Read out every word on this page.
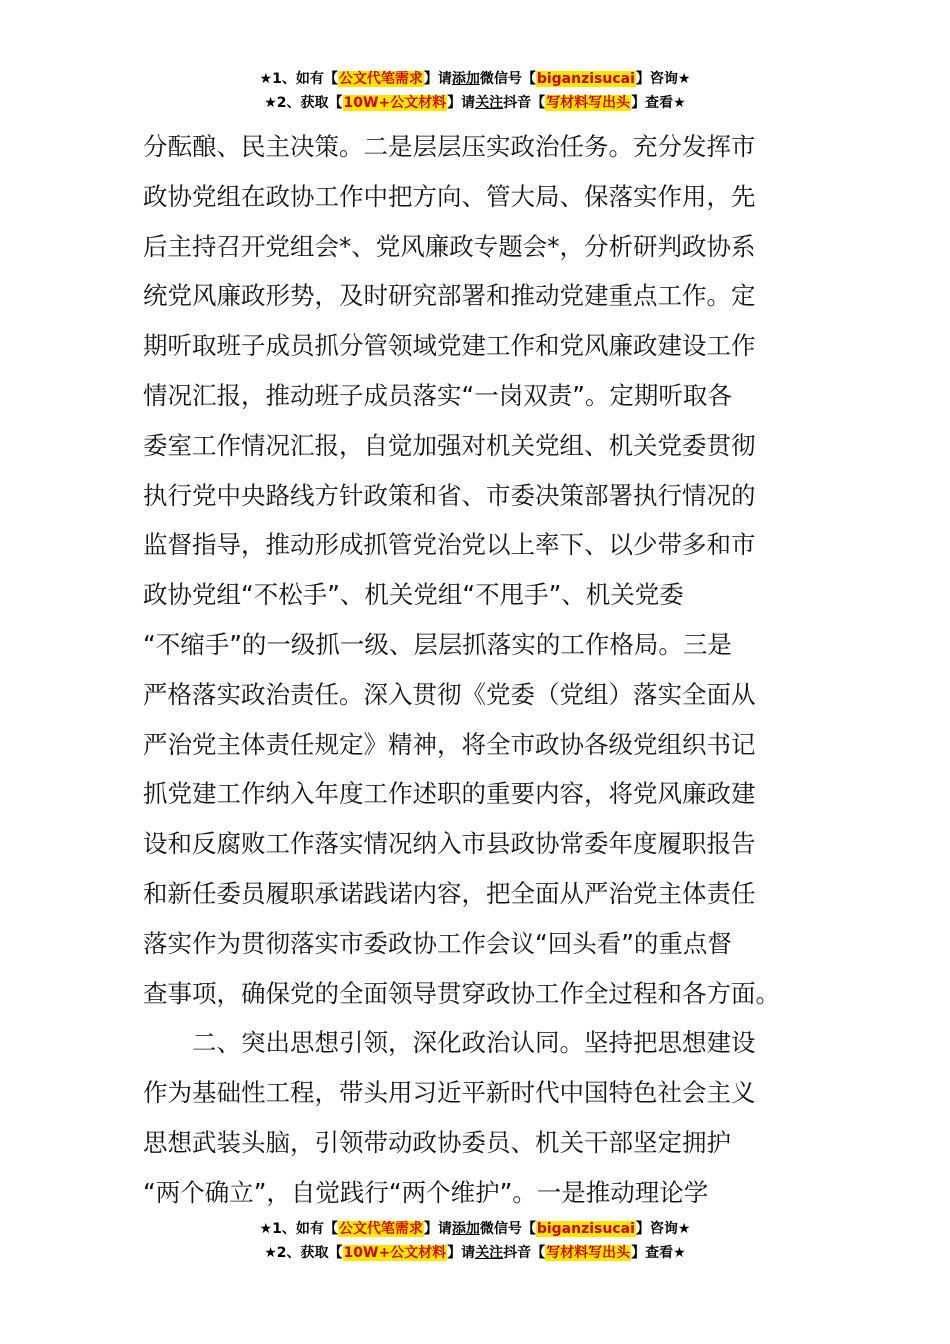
★1、如有【公文代笔需求】请添加微信号【biganzisucai】咨询★
★2、获取【10W+公文材料】请关注抖音【写材料写出头】查看★
分酝酿、民主决策。二是层层压实政治任务。充分发挥市
政协党组在政协工作中把方向、管大局、保落实作用，先
后主持召开党组会*、党风廉政专题会*，分析研判政协系
统党风廉政形势，及时研究部署和推动党建重点工作。定
期听取班子成员抓分管领域党建工作和党风廉政建设工作
情况汇报，推动班子成员落实“一岗双责”。定期听取各
委室工作情况汇报，自觉加强对机关党组、机关党委贯彻
执行党中央路线方针政策和省、市委决策部署执行情况的
监督指导，推动形成抓管党治党以上率下、以少带多和市
政协党组“不松手”、机关党组“不甩手”、机关党委
“不缩手”的一级抓一级、层层抓落实的工作格局。三是
严格落实政治责任。深入贯彻《党委（党组）落实全面从
严治党主体责任规定》精神，将全市政协各级党组织书记
抓党建工作纳入年度工作述职的重要内容，将党风廉政建
设和反腐败工作落实情况纳入市县政协常委年度履职报告
和新任委员履职承诺践诺内容，把全面从严治党主体责任
落实作为贯彻落实市委政协工作会议“回头看”的重点督
查事项，确保党的全面领导贯穿政协工作全过程和各方面。
二、突出思想引领，深化政治认同。坚持把思想建设
作为基础性工程，带头用习近平新时代中国特色社会主义
思想武装头脑，引领带动政协委员、机关干部坚定拥护
“两个确立”，自觉践行“两个维护”。一是推动理论学
★1、如有【公文代笔需求】请添加微信号【biganzisucai】咨询★
★2、获取【10W+公文材料】请关注抖音【写材料写出头】查看★
